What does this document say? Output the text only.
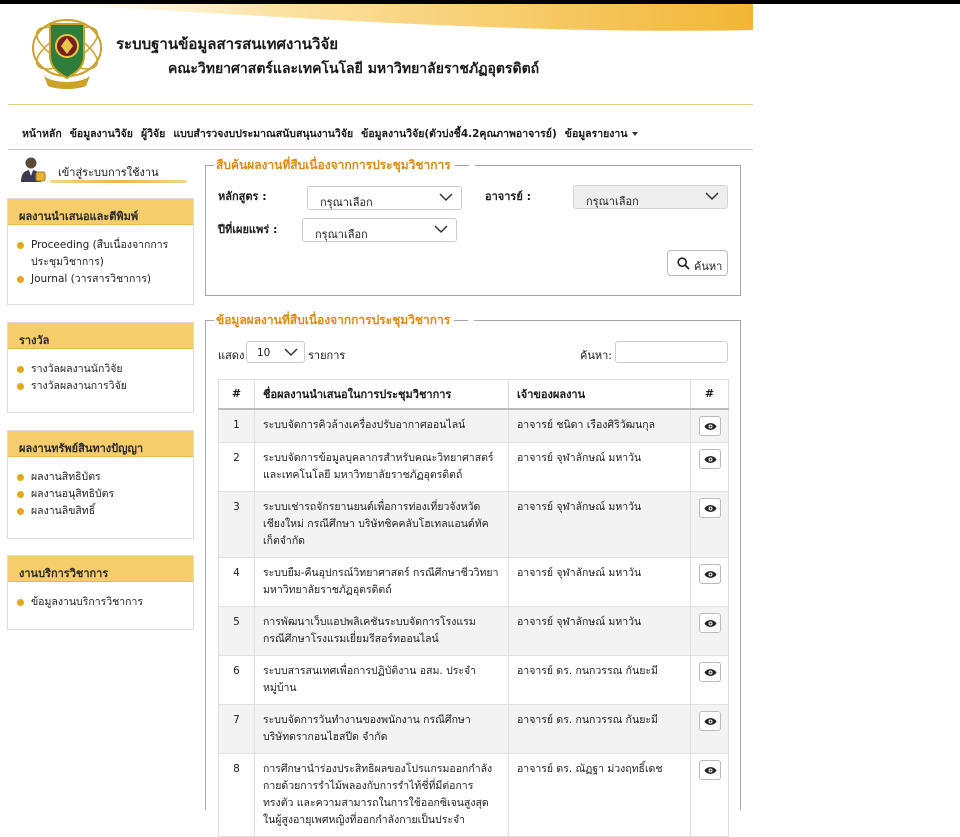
ระบบฐานข้อมูลสารสนเทศงานวิจัย
คณะวิทยาศาสตร์และเทคโนโลยี มหาวิทยาลัยราชภัฏอุตรดิตถ์
หน้าหลัก ข้อมูลงานวิจัย ผู้วิจัย แบบสำรวจงบประมาณสนับสนุนงานวิจัย ข้อมูลงานวิจัย(ตัวบ่งชี้4.2คุณภาพอาจารย์) ข้อมูลรายงาน
เข้าสู่ระบบการใช้งาน
ผลงานนำเสนอและตีพิมพ์
Proceeding (สืบเนื่องจากการประชุมวิชาการ)
Journal (วารสารวิชาการ)
รางวัล
รางวัลผลงานนักวิจัย
รางวัลผลงานการวิจัย
ผลงานทรัพย์สินทางปัญญา
ผลงานสิทธิบัตร
ผลงานอนุสิทธิบัตร
ผลงานลิขสิทธิ์
งานบริการวิชาการ
ข้อมูลงานบริการวิชาการ
สืบค้นผลงานที่สืบเนื่องจากการประชุมวิชาการ
หลักสูตร :	กรุณาเลือก	อาจารย์ :	กรุณาเลือก
ปีที่เผยแพร่ :	กรุณาเลือก
ค้นหา
ข้อมูลผลงานที่สืบเนื่องจากการประชุมวิชาการ
แสดง	10	รายการ	ค้นหา:
#	ชื่อผลงานนำเสนอในการประชุมวิชาการ	เจ้าของผลงาน	#
1	ระบบจัดการคิวล้างเครื่องปรับอากาศออนไลน์	อาจารย์ ชนิดา เรืองศิริวัฒนกุล	

2	ระบบจัดการข้อมูลบุคลากรสำหรับคณะวิทยาศาสตร์และเทคโนโลยี มหาวิทยาลัยราชภัฏอุตรดิตถ์	อาจารย์ จุฬาลักษณ์ มหาวัน	

3	ระบบเช่ารถจักรยานยนต์เพื่อการท่องเที่ยวจังหวัดเชียงใหม่ กรณีศึกษา บริษัทชิคคลับโฮเทลแอนด์ทัคเก็ตจำกัด	อาจารย์ จุฬาลักษณ์ มหาวัน	

4	ระบบยืม-คืนอุปกรณ์วิทยาศาสตร์ กรณีศึกษาชีววิทยา มหาวิทยาลัยราชภัฏอุตรดิตถ์	อาจารย์ จุฬาลักษณ์ มหาวัน	

5	การพัฒนาเว็บแอปพลิเคชันระบบจัดการโรงแรม กรณีศึกษาโรงแรมเยี่ยมรีสอร์ทออนไลน์	อาจารย์ จุฬาลักษณ์ มหาวัน	

6	ระบบสารสนเทศเพื่อการปฏิบัติงาน อสม. ประจำหมู่บ้าน	อาจารย์ ดร. กนกวรรณ กันยะมี	

7	ระบบจัดการวันทำงานของพนักงาน กรณีศึกษา บริษัทดรากอนไฮสปีด จำกัด	อาจารย์ ดร. กนกวรรณ กันยะมี	

8	การศึกษานำร่องประสิทธิผลของโปรแกรมออกกำลังกายด้วยการรำไม้พลองกับการรำไท้ชี่ที่มีต่อการทรงตัว และความสามารถในการใช้ออกซิเจนสูงสุดในผู้สูงอายุเพศหญิงที่ออกกำลังกายเป็นประจำ	อาจารย์ ดร. ณัฏฐา ม่วงฤทธิ์เดช	
